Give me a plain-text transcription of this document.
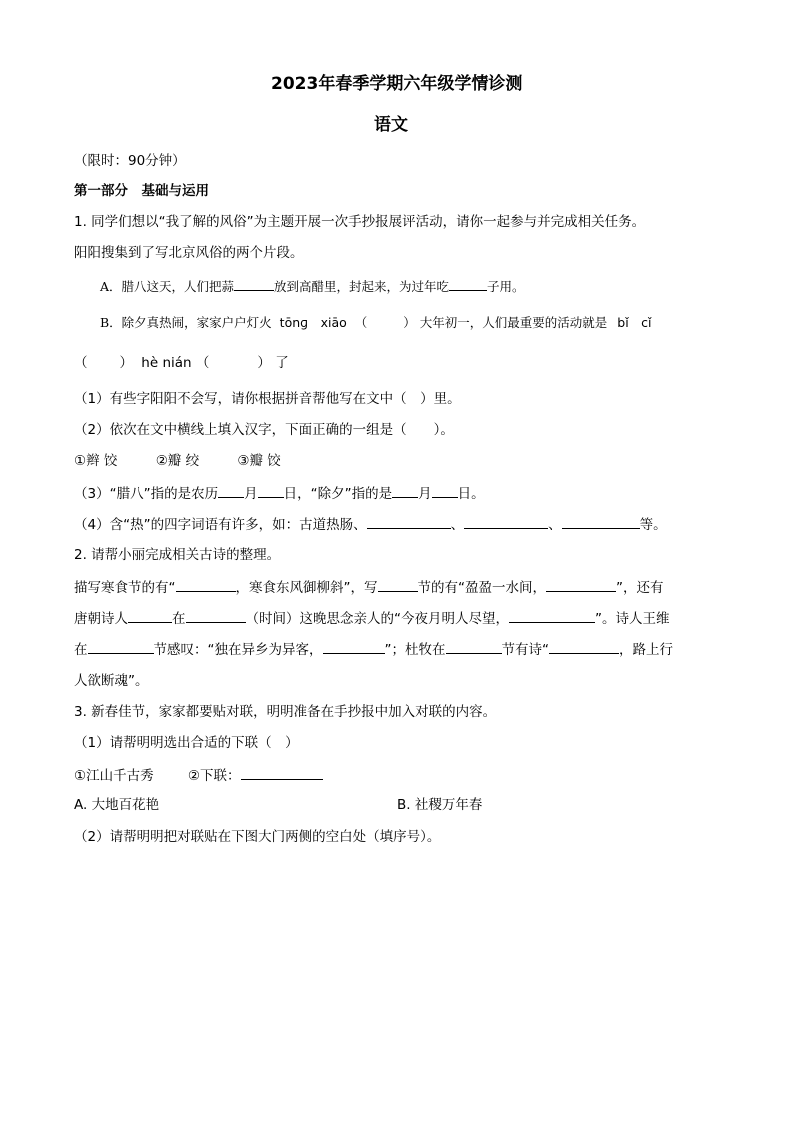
2023年春季学期六年级学情诊测
语文
（限时：90分钟）
第一部分　基础与运用
1. 同学们想以“我了解的风俗”为主题开展一次手抄报展评活动，请你一起参与并完成相关任务。
阳阳搜集到了写北京风俗的两个片段。
A．腊八这天，人们把蒜	放到高醋里，封起来，为过年吃	子用。
B．除夕真热闹，家家户户灯火 tōnɡ　xiāo （	） 大年初一，人们最重要的活动就是 bǐ　cǐ
（ ） hè nián （	） 了
（1）有些字阳阳不会写，请你根据拼音帮他写在文中（　）里。
（2）依次在文中横线上填入汉字，下面正确的一组是（　　）。
①辫 饺	②瓣 绞	③瓣 饺
（3）“腊八”指的是农历 月 日，“除夕”指的是 月 日。
（4）含“热”的四字词语有许多，如：古道热肠、	、	、	等。
2. 请帮小丽完成相关古诗的整理。
描写寒食节的有“	，寒食东风御柳斜”，写	节的有“盈盈一水间，	”，还有
唐朝诗人	在	（时间）这晚思念亲人的“今夜月明人尽望，	”。诗人王维
在	节感叹：“独在异乡为异客，	”；杜牧在	节有诗“	，路上行
人欲断魂”。
3. 新春佳节，家家都要贴对联，明明准备在手抄报中加入对联的内容。
（1）请帮明明选出合适的下联（　）
①江山千古秀	②下联：
A. 大地百花艳	B. 社稷万年春
（2）请帮明明把对联贴在下图大门两侧的空白处（填序号）。
